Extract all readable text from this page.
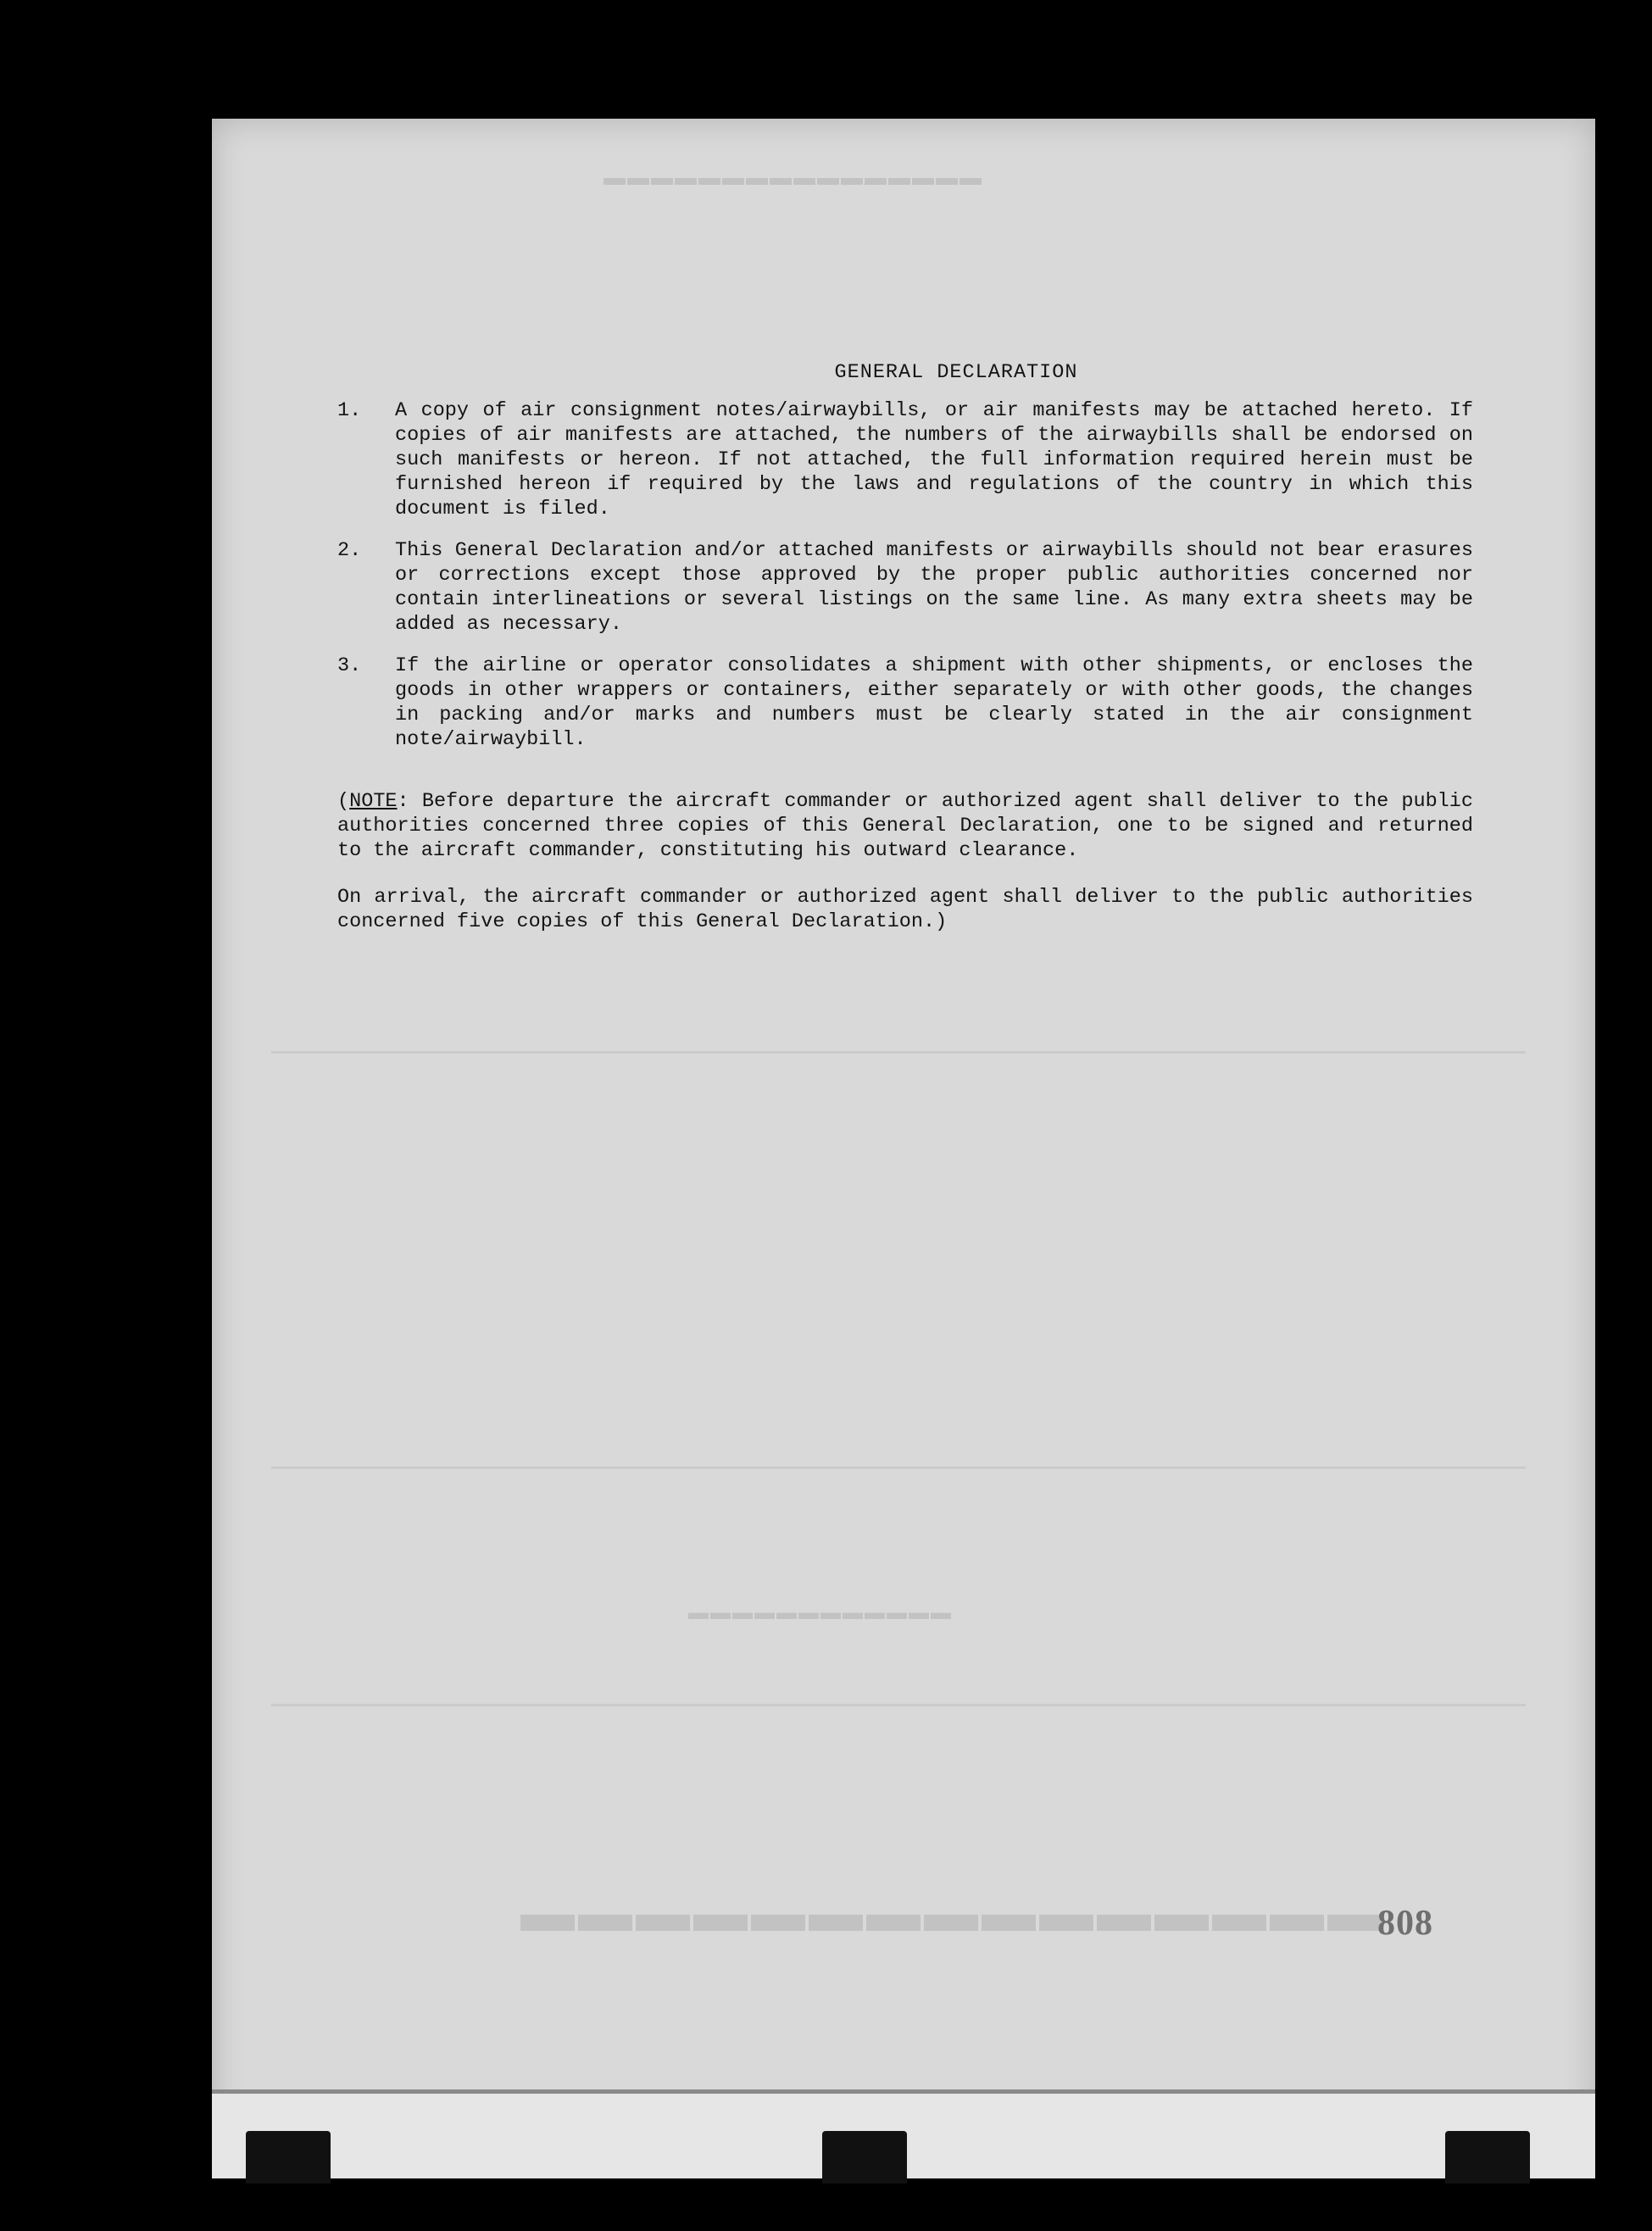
▬▬▬▬▬▬▬▬▬▬▬▬▬▬▬▬
▬▬▬▬▬▬▬▬▬▬▬▬
▬▬▬▬▬▬▬▬▬▬▬▬▬▬▬
GENERAL DECLARATION
1.	A copy of air consignment notes/airwaybills, or air manifests may be attached hereto. If copies of air manifests are attached, the numbers of the airwaybills shall be endorsed on such manifests or hereon. If not attached, the full information required herein must be furnished hereon if required by the laws and regulations of the country in which this document is filed.
2.	This General Declaration and/or attached manifests or airwaybills should not bear erasures or corrections except those approved by the proper public authorities concerned nor contain interlineations or several listings on the same line. As many extra sheets may be added as necessary.
3.	If the airline or operator consolidates a shipment with other shipments, or encloses the goods in other wrappers or containers, either separately or with other goods, the changes in packing and/or marks and numbers must be clearly stated in the air consignment note/airwaybill.
(NOTE: Before departure the aircraft commander or authorized agent shall deliver to the public authorities concerned three copies of this General Declaration, one to be signed and returned to the aircraft commander, constituting his outward clearance.
On arrival, the aircraft commander or authorized agent shall deliver to the public authorities concerned five copies of this General Declaration.)
808
